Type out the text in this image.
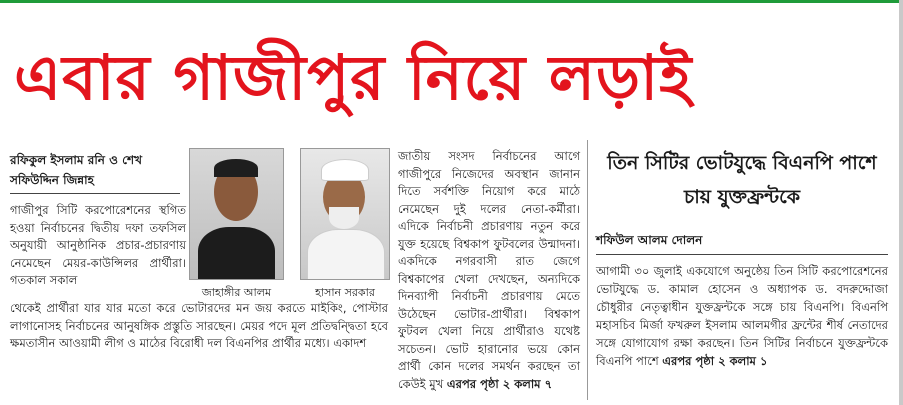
এবার গাজীপুর নিয়ে লড়াই
রফিকুল ইসলাম রনি ও শেখ সফিউদ্দিন জিন্নাহ
জাহাঙ্গীর আলম	হাসান সরকার
গাজীপুর সিটি করপোরেশনের স্থগিত হওয়া নির্বাচনের দ্বিতীয় দফা তফসিল অনুযায়ী আনুষ্ঠানিক প্রচার-প্রচারণায় নেমেছেন মেয়র-কাউন্সিলর প্রার্থীরা। গতকাল সকাল
থেকেই প্রার্থীরা যার যার মতো করে ভোটারদের মন জয় করতে মাইকিং, পোস্টার লাগানোসহ নির্বাচনের আনুষঙ্গিক প্রস্তুতি সারছেন। মেয়র পদে মূল প্রতিদ্বন্দ্বিতা হবে ক্ষমতাসীন আওয়ামী লীগ ও মাঠের বিরোধী দল বিএনপির প্রার্থীর মধ্যে। একাদশ
জাতীয় সংসদ নির্বাচনের আগে গাজীপুরে নিজেদের অবস্থান জানান দিতে সর্বশক্তি নিয়োগ করে মাঠে নেমেছেন দুই দলের নেতা-কর্মীরা। এদিকে নির্বাচনী প্রচারণায় নতুন করে যুক্ত হয়েছে বিশ্বকাপ ফুটবলের উন্মাদনা। একদিকে নগরবাসী রাত জেগে বিশ্বকাপের খেলা দেখছেন, অন্যদিকে দিনব্যাপী নির্বাচনী প্রচারণায় মেতে উঠেছেন ভোটার-প্রার্থীরা। বিশ্বকাপ ফুটবল খেলা নিয়ে প্রার্থীরাও যথেষ্ট সচেতন। ভোট হারানোর ভয়ে কোন প্রার্থী কোন দলের সমর্থন করছেন তা কেউই মুখ এরপর পৃষ্ঠা ২ কলাম ৭
তিন সিটির ভোটযুদ্ধে বিএনপি পাশে চায় যুক্তফ্রন্টকে
শফিউল আলম দোলন
আগামী ৩০ জুলাই একযোগে অনুষ্ঠেয় তিন সিটি করপোরেশনের ভোটযুদ্ধে ড. কামাল হোসেন ও অধ্যাপক ড. বদরুদ্দোজা চৌধুরীর নেতৃত্বাধীন যুক্তফ্রন্টকে সঙ্গে চায় বিএনপি। বিএনপি মহাসচিব মির্জা ফখরুল ইসলাম আলমগীর ফ্রন্টের শীর্ষ নেতাদের সঙ্গে যোগাযোগ রক্ষা করছেন। তিন সিটির নির্বাচনে যুক্তফ্রন্টকে বিএনপি পাশে এরপর পৃষ্ঠা ২ কলাম ১
